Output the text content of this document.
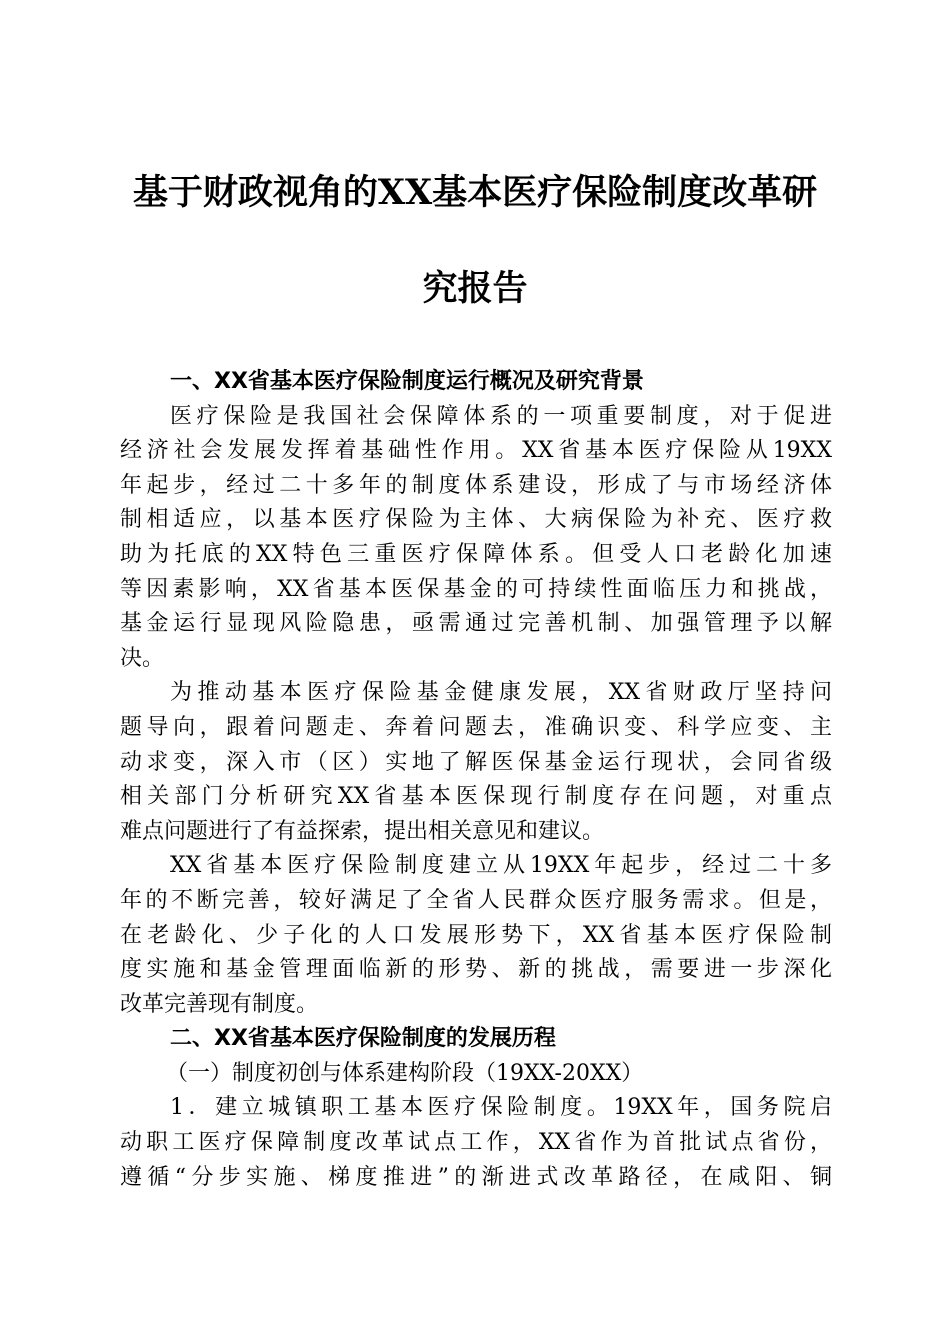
基于财政视角的XX基本医疗保险制度改革研
究报告
一、XX省基本医疗保险制度运行概况及研究背景
医疗保险是我国社会保障体系的一项重要制度，对于促进
经济社会发展发挥着基础性作用。XX省基本医疗保险从19XX
年起步，经过二十多年的制度体系建设，形成了与市场经济体
制相适应，以基本医疗保险为主体、大病保险为补充、医疗救
助为托底的XX特色三重医疗保障体系。但受人口老龄化加速
等因素影响，XX省基本医保基金的可持续性面临压力和挑战，
基金运行显现风险隐患，亟需通过完善机制、加强管理予以解
决。
为推动基本医疗保险基金健康发展，XX省财政厅坚持问
题导向，跟着问题走、奔着问题去，准确识变、科学应变、主
动求变，深入市（区）实地了解医保基金运行现状，会同省级
相关部门分析研究XX省基本医保现行制度存在问题，对重点
难点问题进行了有益探索，提出相关意见和建议。
XX省基本医疗保险制度建立从19XX年起步，经过二十多
年的不断完善，较好满足了全省人民群众医疗服务需求。但是，
在老龄化、少子化的人口发展形势下，XX省基本医疗保险制
度实施和基金管理面临新的形势、新的挑战，需要进一步深化
改革完善现有制度。
二、XX省基本医疗保险制度的发展历程
（一）制度初创与体系建构阶段（19XX-20XX）
1．建立城镇职工基本医疗保险制度。19XX年，国务院启
动职工医疗保障制度改革试点工作，XX省作为首批试点省份，
遵循“分步实施、梯度推进”的渐进式改革路径，在咸阳、铜
